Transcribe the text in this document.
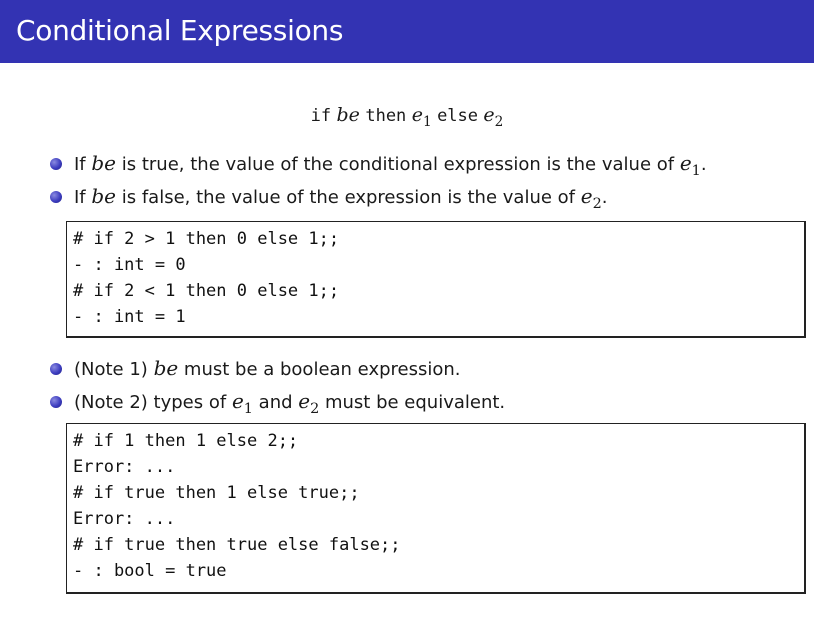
Conditional Expressions
if be then $e_1$ else $e_2$
If be is true, the value of the conditional expression is the value of $e_1$.
If be is false, the value of the expression is the value of $e_2$.
# if 2 > 1 then 0 else 1;;
- : int = 0
# if 2 < 1 then 0 else 1;;
- : int = 1
(Note 1) be must be a boolean expression.
(Note 2) types of $e_1$ and $e_2$ must be equivalent.
# if 1 then 1 else 2;;
Error: ...
# if true then 1 else true;;
Error: ...
# if true then true else false;;
- : bool = true
